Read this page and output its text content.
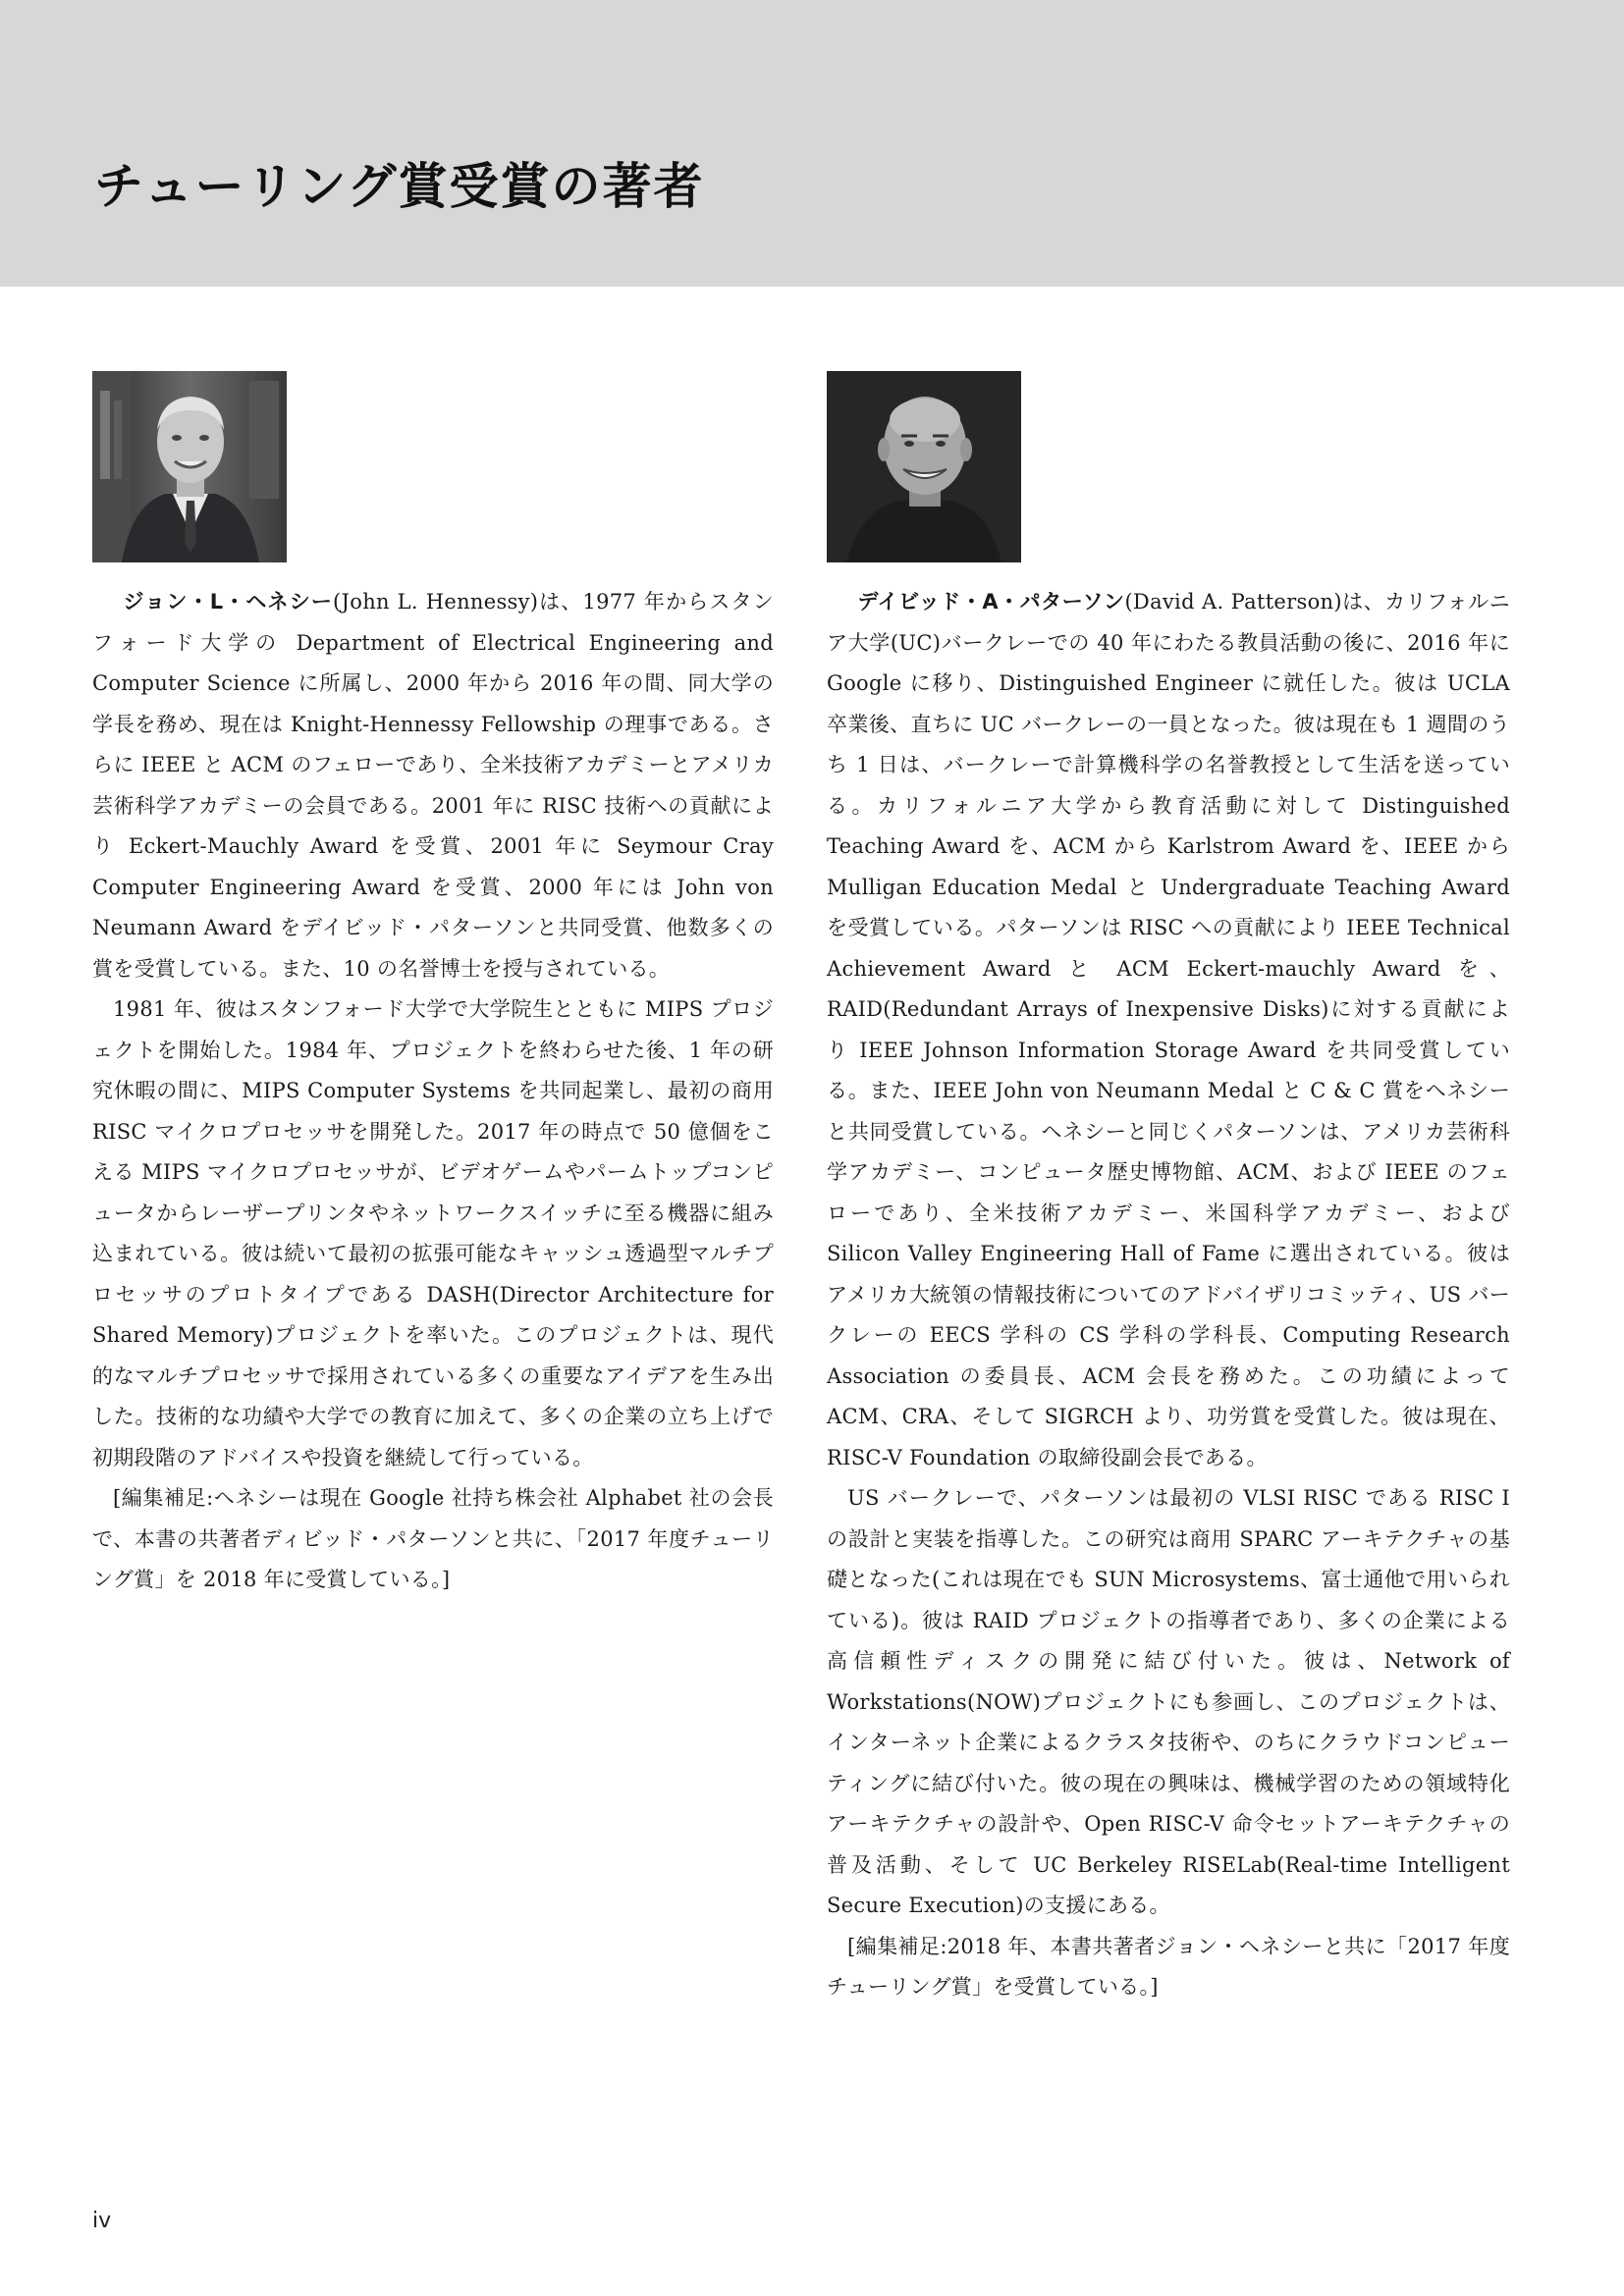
チューリング賞受賞の著者

ジョン・L・ヘネシー(John L. Hennessy)は、1977 年からスタンフォード大学の Department of Electrical Engineering and Computer Science に所属し、2000 年から 2016 年の間、同大学の学長を務め、現在は Knight-Hennessy Fellowship の理事である。さらに IEEE と ACM のフェローであり、全米技術アカデミーとアメリカ芸術科学アカデミーの会員である。2001 年に RISC 技術への貢献により Eckert-Mauchly Award を受賞、2001 年に Seymour Cray Computer Engineering Award を受賞、2000 年には John von Neumann Award をデイビッド・パターソンと共同受賞、他数多くの賞を受賞している。また、10 の名誉博士を授与されている。

1981 年、彼はスタンフォード大学で大学院生とともに MIPS プロジェクトを開始した。1984 年、プロジェクトを終わらせた後、1 年の研究休暇の間に、MIPS Computer Systems を共同起業し、最初の商用 RISC マイクロプロセッサを開発した。2017 年の時点で 50 億個をこえる MIPS マイクロプロセッサが、ビデオゲームやパームトップコンピュータからレーザープリンタやネットワークスイッチに至る機器に組み込まれている。彼は続いて最初の拡張可能なキャッシュ透過型マルチプロセッサのプロトタイプである DASH(Director Architecture for Shared Memory)プロジェクトを率いた。このプロジェクトは、現代的なマルチプロセッサで採用されている多くの重要なアイデアを生み出した。技術的な功績や大学での教育に加えて、多くの企業の立ち上げで初期段階のアドバイスや投資を継続して行っている。

[編集補足:ヘネシーは現在 Google 社持ち株会社 Alphabet 社の会長で、本書の共著者ディビッド・パターソンと共に、「2017 年度チューリング賞」を 2018 年に受賞している。]

デイビッド・A・パターソン(David A. Patterson)は、カリフォルニア大学(UC)バークレーでの 40 年にわたる教員活動の後に、2016 年に Google に移り、Distinguished Engineer に就任した。彼は UCLA 卒業後、直ちに UC バークレーの一員となった。彼は現在も 1 週間のうち 1 日は、バークレーで計算機科学の名誉教授として生活を送っている。カリフォルニア大学から教育活動に対して Distinguished Teaching Award を、ACM から Karlstrom Award を、IEEE から Mulligan Education Medal と Undergraduate Teaching Award を受賞している。パターソンは RISC への貢献により IEEE Technical Achievement Award と ACM Eckert-mauchly Award を、RAID(Redundant Arrays of Inexpensive Disks)に対する貢献により IEEE Johnson Information Storage Award を共同受賞している。また、IEEE John von Neumann Medal と C & C 賞をヘネシーと共同受賞している。ヘネシーと同じくパターソンは、アメリカ芸術科学アカデミー、コンピュータ歴史博物館、ACM、および IEEE のフェローであり、全米技術アカデミー、米国科学アカデミー、および Silicon Valley Engineering Hall of Fame に選出されている。彼はアメリカ大統領の情報技術についてのアドバイザリコミッティ、US バークレーの EECS 学科の CS 学科の学科長、Computing Research Association の委員長、ACM 会長を務めた。この功績によって ACM、CRA、そして SIGRCH より、功労賞を受賞した。彼は現在、RISC-V Foundation の取締役副会長である。

US バークレーで、パターソンは最初の VLSI RISC である RISC I の設計と実装を指導した。この研究は商用 SPARC アーキテクチャの基礎となった(これは現在でも SUN Microsystems、富士通他で用いられている)。彼は RAID プロジェクトの指導者であり、多くの企業による高信頼性ディスクの開発に結び付いた。彼は、Network of Workstations(NOW)プロジェクトにも参画し、このプロジェクトは、インターネット企業によるクラスタ技術や、のちにクラウドコンピューティングに結び付いた。彼の現在の興味は、機械学習のための領域特化アーキテクチャの設計や、Open RISC-V 命令セットアーキテクチャの普及活動、そして UC Berkeley RISELab(Real-time Intelligent Secure Execution)の支援にある。

[編集補足:2018 年、本書共著者ジョン・ヘネシーと共に「2017 年度チューリング賞」を受賞している。]

iv
